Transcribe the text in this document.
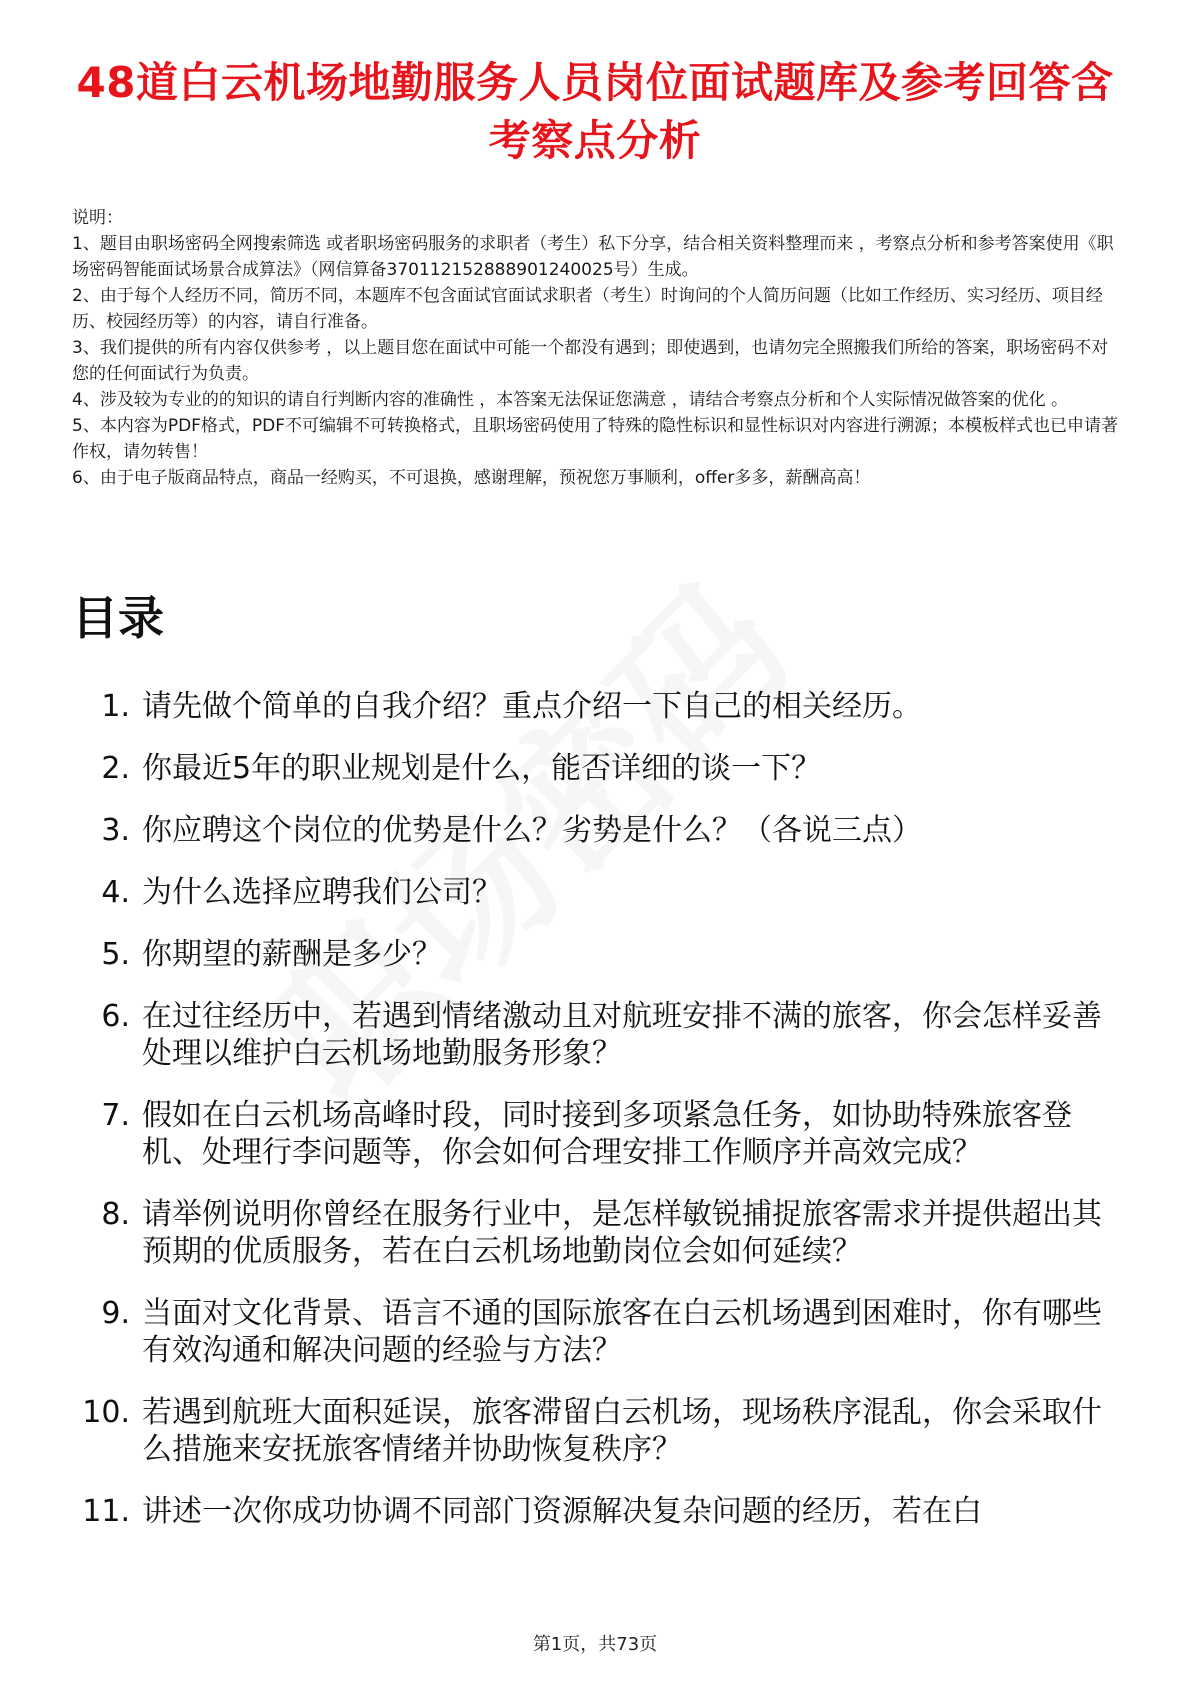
48道白云机场地勤服务人员岗位面试题库及参考回答含考察点分析

说明：

1、题目由职场密码全网搜索筛选 或者职场密码服务的求职者（考生）私下分享，结合相关资料整理而来 ，考察点分析和参考答案使用《职场密码智能面试场景合成算法》（网信算备370112152888901240025号）生成。

2、由于每个人经历不同，简历不同，本题库不包含面试官面试求职者（考生）时询问的个人简历问题（比如工作经历、实习经历、项目经历、校园经历等）的内容，请自行准备。

3、我们提供的所有内容仅供参考 ，以上题目您在面试中可能一个都没有遇到；即使遇到，也请勿完全照搬我们所给的答案，职场密码不对您的任何面试行为负责。

4、涉及较为专业的的知识的请自行判断内容的准确性 ，本答案无法保证您满意 ，请结合考察点分析和个人实际情况做答案的优化 。

5、本内容为PDF格式，PDF不可编辑不可转换格式，且职场密码使用了特殊的隐性标识和显性标识对内容进行溯源；本模板样式也已申请著作权，请勿转售！

6、由于电子版商品特点，商品一经购买，不可退换，感谢理解，预祝您万事顺利，offer多多，薪酬高高！

目录
1. 请先做个简单的自我介绍？重点介绍一下自己的相关经历。
2. 你最近5年的职业规划是什么，能否详细的谈一下？
3. 你应聘这个岗位的优势是什么？劣势是什么？（各说三点）
4. 为什么选择应聘我们公司？
5. 你期望的薪酬是多少？
6. 在过往经历中，若遇到情绪激动且对航班安排不满的旅客，你会怎样妥善处理以维护白云机场地勤服务形象？
7. 假如在白云机场高峰时段，同时接到多项紧急任务，如协助特殊旅客登机、处理行李问题等，你会如何合理安排工作顺序并高效完成？
8. 请举例说明你曾经在服务行业中，是怎样敏锐捕捉旅客需求并提供超出其预期的优质服务，若在白云机场地勤岗位会如何延续？
9. 当面对文化背景、语言不通的国际旅客在白云机场遇到困难时，你有哪些有效沟通和解决问题的经验与方法？
10. 若遇到航班大面积延误，旅客滞留白云机场，现场秩序混乱，你会采取什么措施来安抚旅客情绪并协助恢复秩序？
11. 讲述一次你成功协调不同部门资源解决复杂问题的经历，若在白
第1页，共73页
